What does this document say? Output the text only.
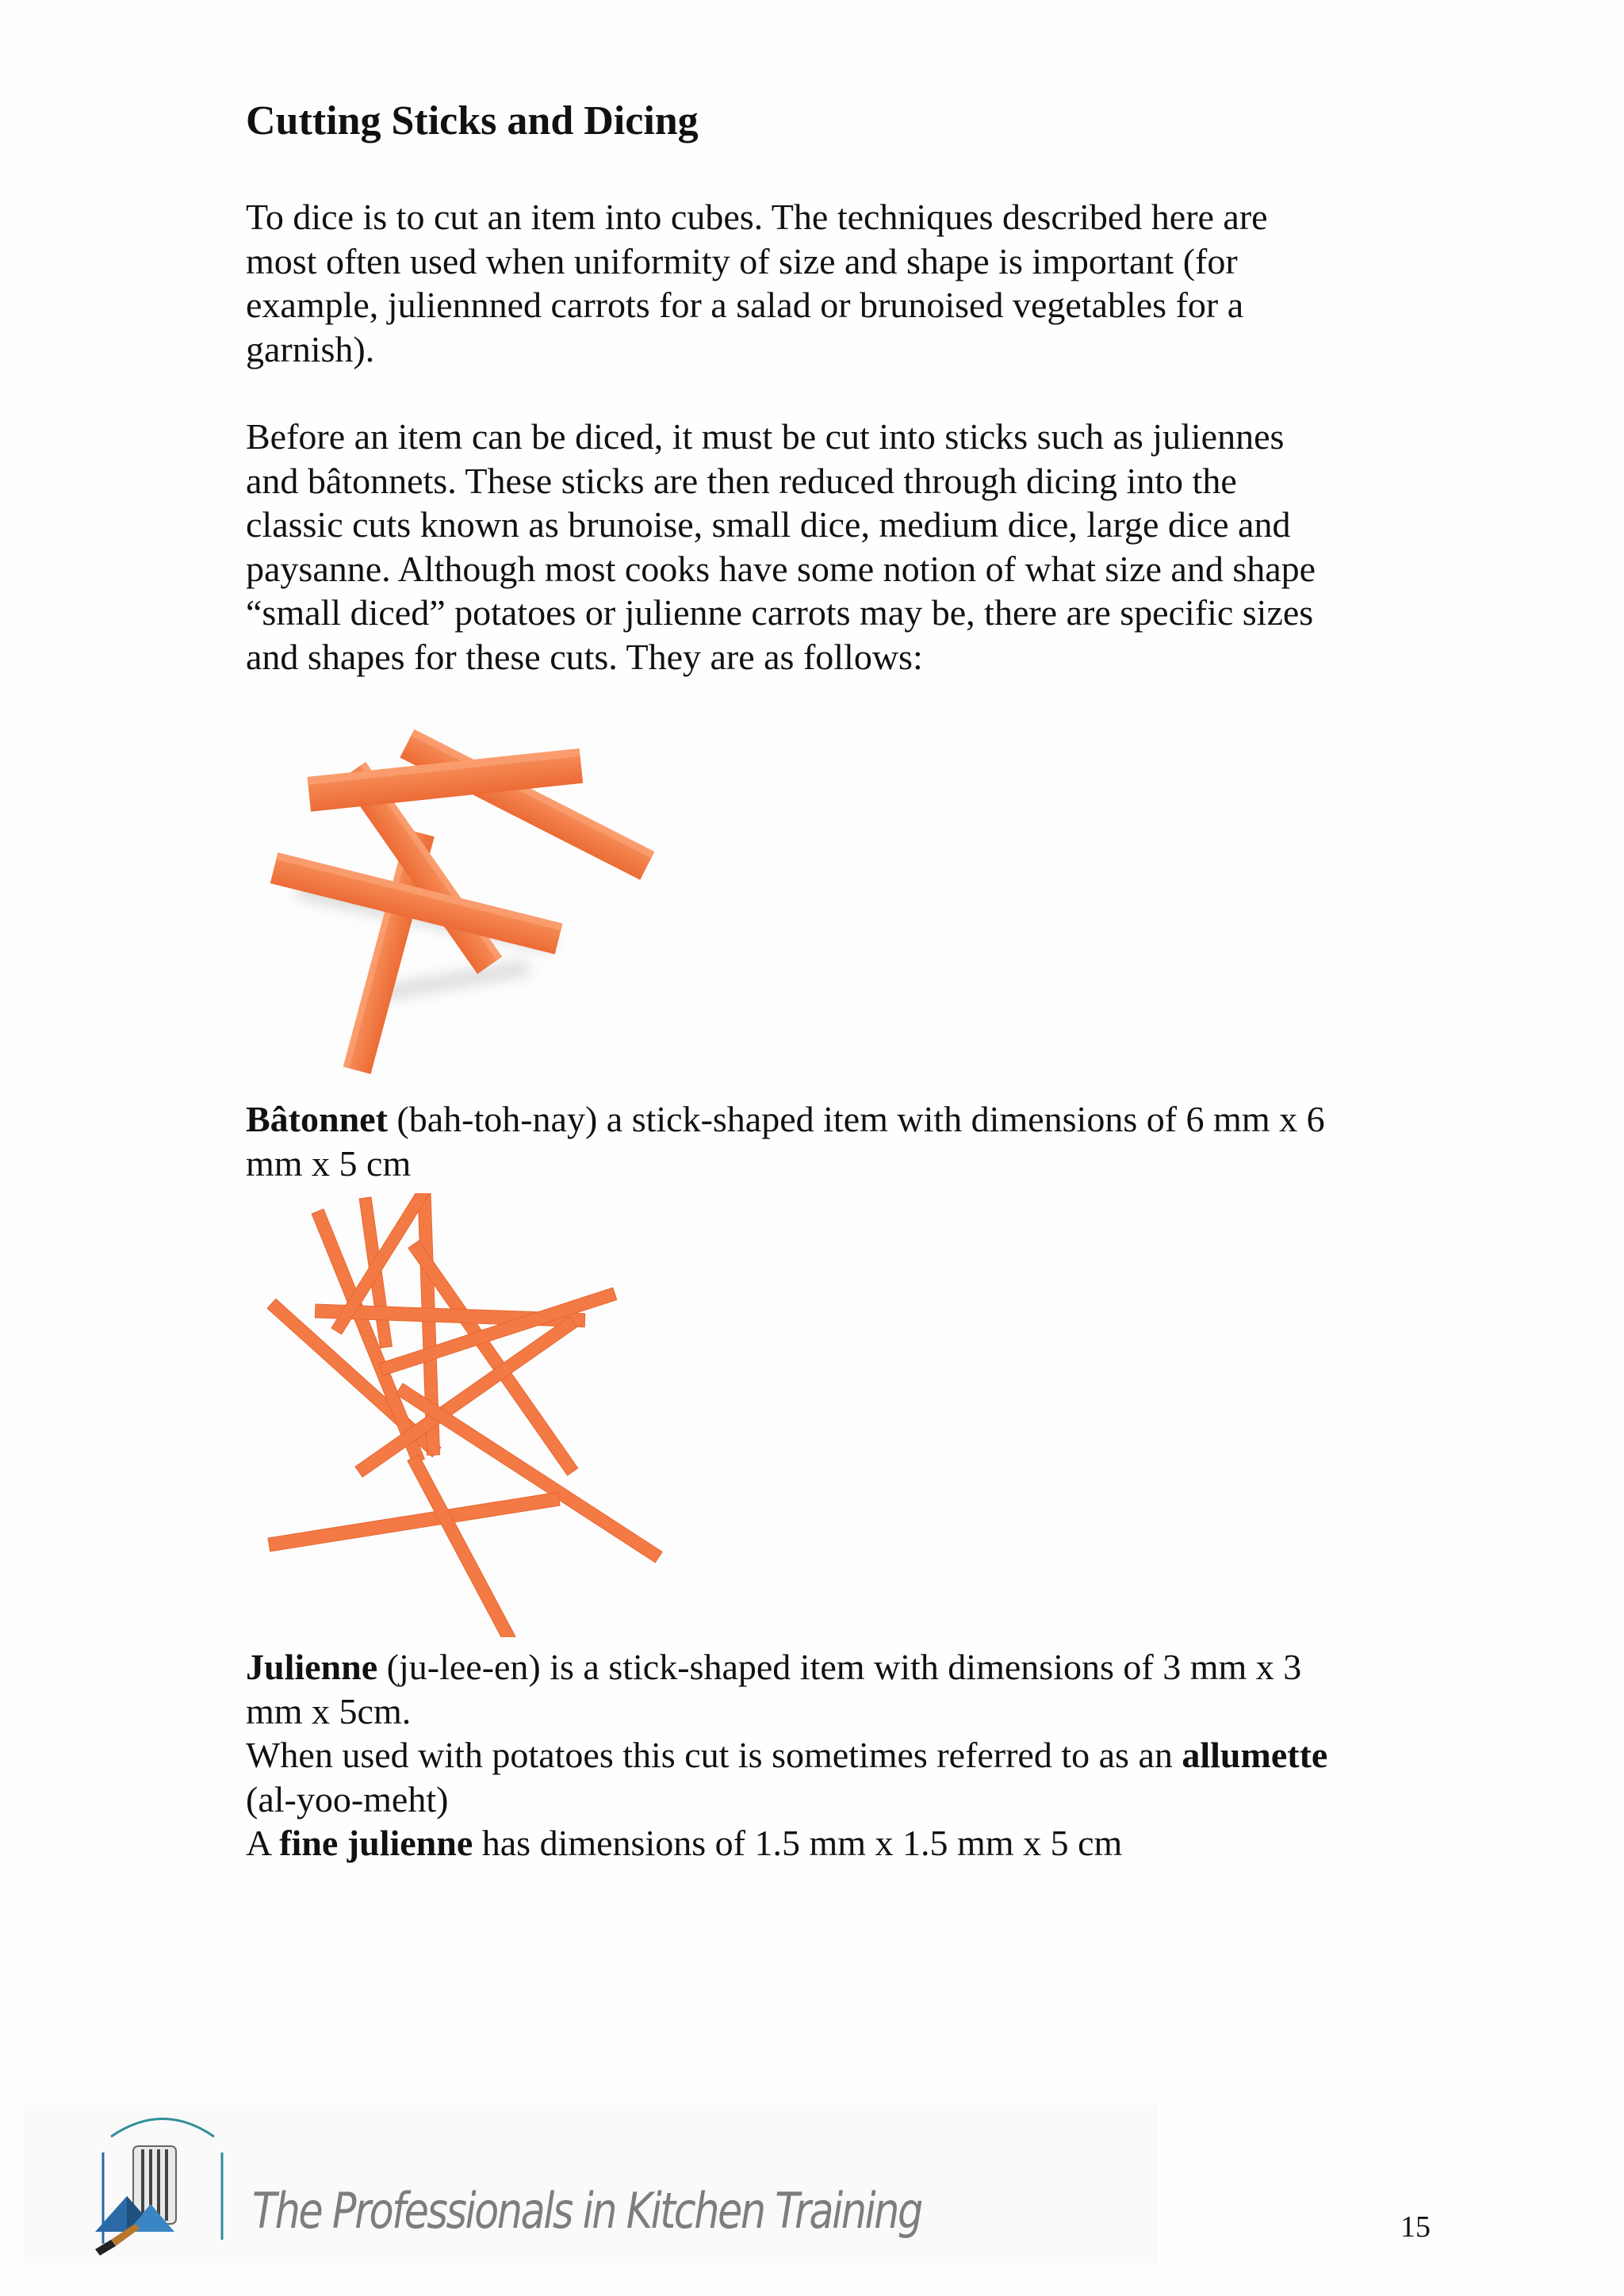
Cutting Sticks and Dicing

To dice is to cut an item into cubes. The techniques described here are
most often used when uniformity of size and shape is important (for
example, juliennned carrots for a salad or brunoised vegetables for a
garnish).

Before an item can be diced, it must be cut into sticks such as juliennes
and bâtonnets. These sticks are then reduced through dicing into the
classic cuts known as brunoise, small dice, medium dice, large dice and
paysanne. Although most cooks have some notion of what size and shape
“small diced” potatoes or julienne carrots may be, there are specific sizes
and shapes for these cuts. They are as follows:

Bâtonnet (bah-toh-nay) a stick-shaped item with dimensions of 6 mm x 6
mm x 5 cm

Julienne (ju-lee-en) is a stick-shaped item with dimensions of 3 mm x 3
mm x 5cm.
When used with potatoes this cut is sometimes referred to as an allumette
(al-yoo-meht)
A fine julienne has dimensions of 1.5 mm x 1.5 mm x 5 cm

The Professionals in Kitchen Training	15
